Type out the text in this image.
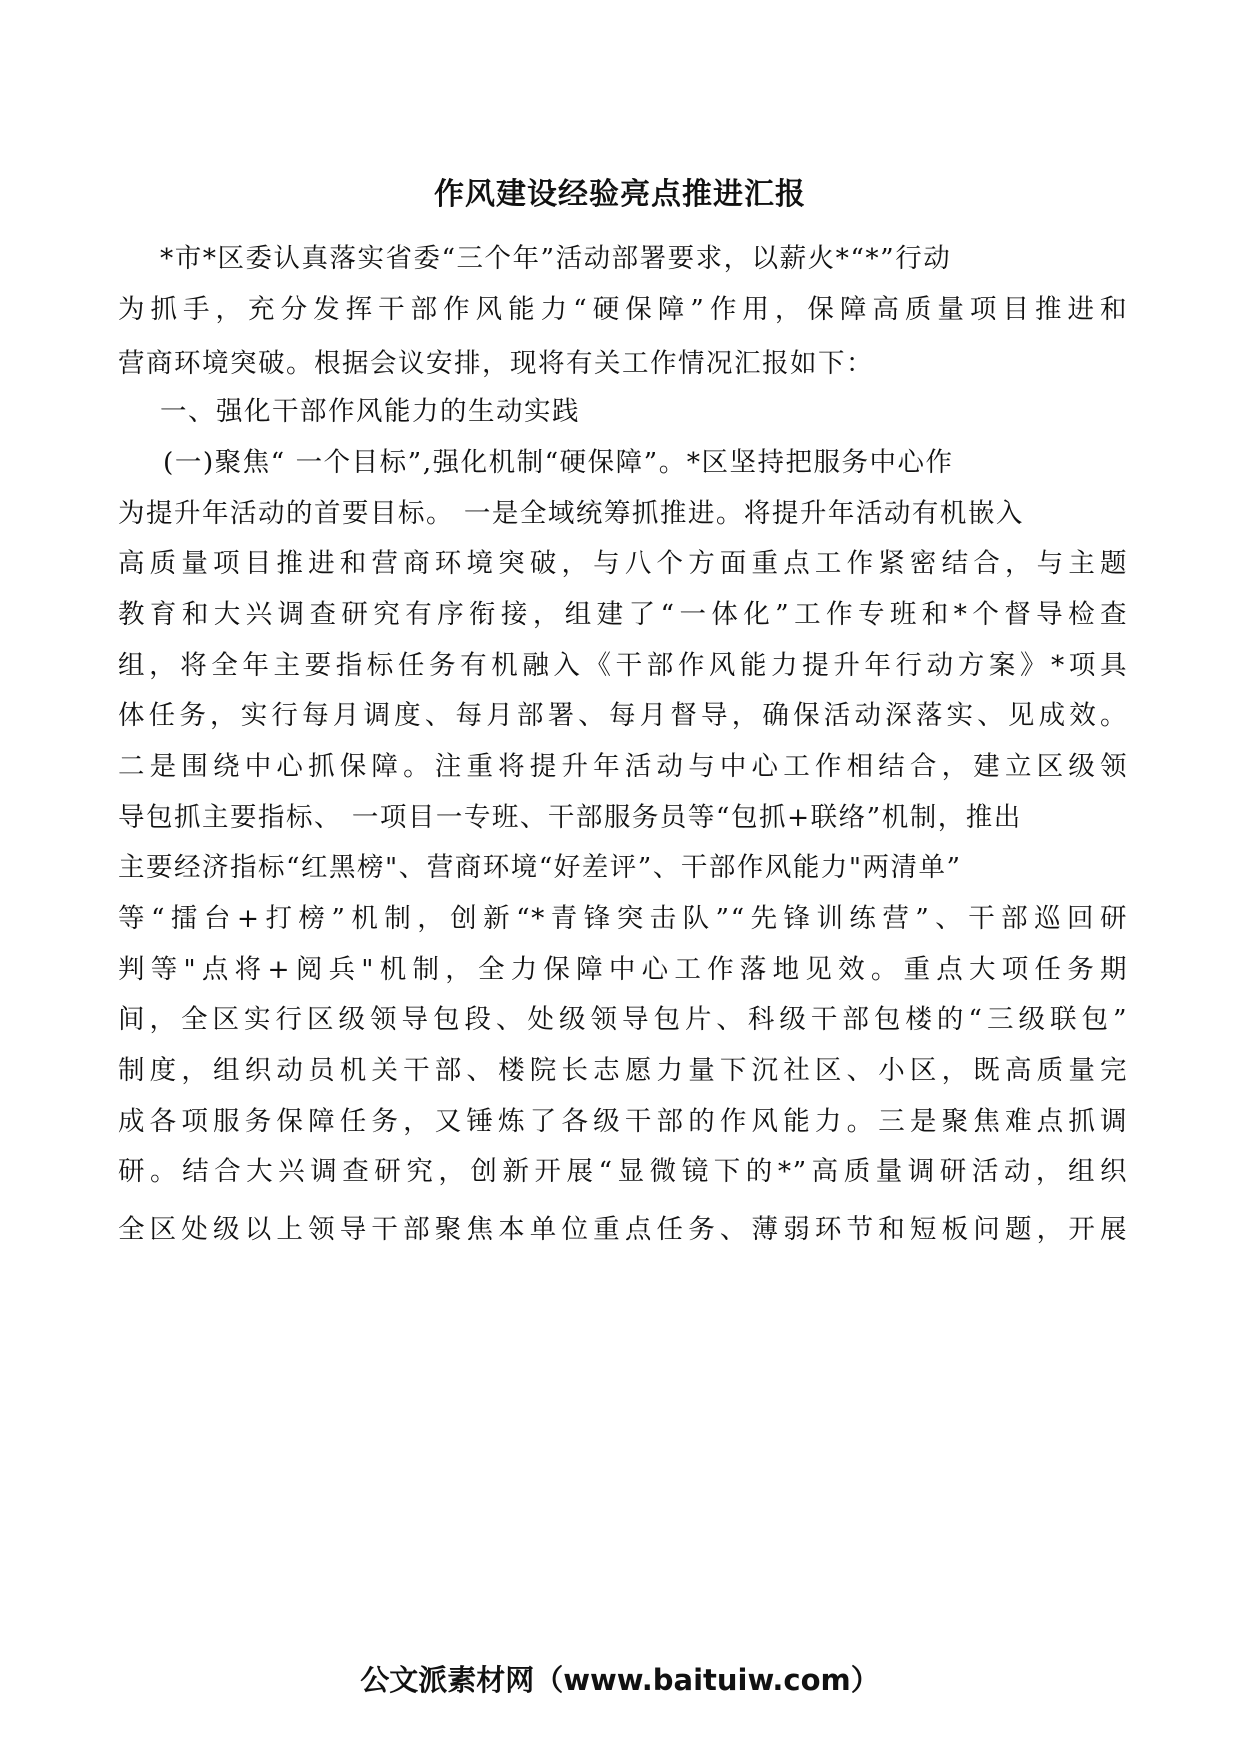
作风建设经验亮点推进汇报
*市*区委认真落实省委“三个年”活动部署要求，以薪火*“*”行动
为抓手，充分发挥干部作风能力“硬保障”作用，保障高质量项目推进和
营商环境突破。根据会议安排，现将有关工作情况汇报如下：
一、强化干部作风能力的生动实践
(一)聚焦“ 一个目标”,强化机制“硬保障”。*区坚持把服务中心作
为提升年活动的首要目标。 一是全域统筹抓推进。将提升年活动有机嵌入
高质量项目推进和营商环境突破，与八个方面重点工作紧密结合，与主题
教育和大兴调查研究有序衔接，组建了“一体化”工作专班和*个督导检查
组，将全年主要指标任务有机融入《干部作风能力提升年行动方案》*项具
体任务，实行每月调度、每月部署、每月督导，确保活动深落实、见成效。
二是围绕中心抓保障。注重将提升年活动与中心工作相结合，建立区级领
导包抓主要指标、 一项目一专班、干部服务员等“包抓+联络”机制，推出
主要经济指标“红黑榜"、营商环境“好差评”、干部作风能力"两清单”
等“擂台+打榜”机制，创新“*青锋突击队”“先锋训练营”、干部巡回研
判等"点将+阅兵"机制，全力保障中心工作落地见效。重点大项任务期
间，全区实行区级领导包段、处级领导包片、科级干部包楼的“三级联包”
制度，组织动员机关干部、楼院长志愿力量下沉社区、小区，既高质量完
成各项服务保障任务，又锤炼了各级干部的作风能力。三是聚焦难点抓调
研。结合大兴调查研究，创新开展“显微镜下的*”高质量调研活动，组织
全区处级以上领导干部聚焦本单位重点任务、薄弱环节和短板问题，开展
公文派素材网（www.baituiw.com）
